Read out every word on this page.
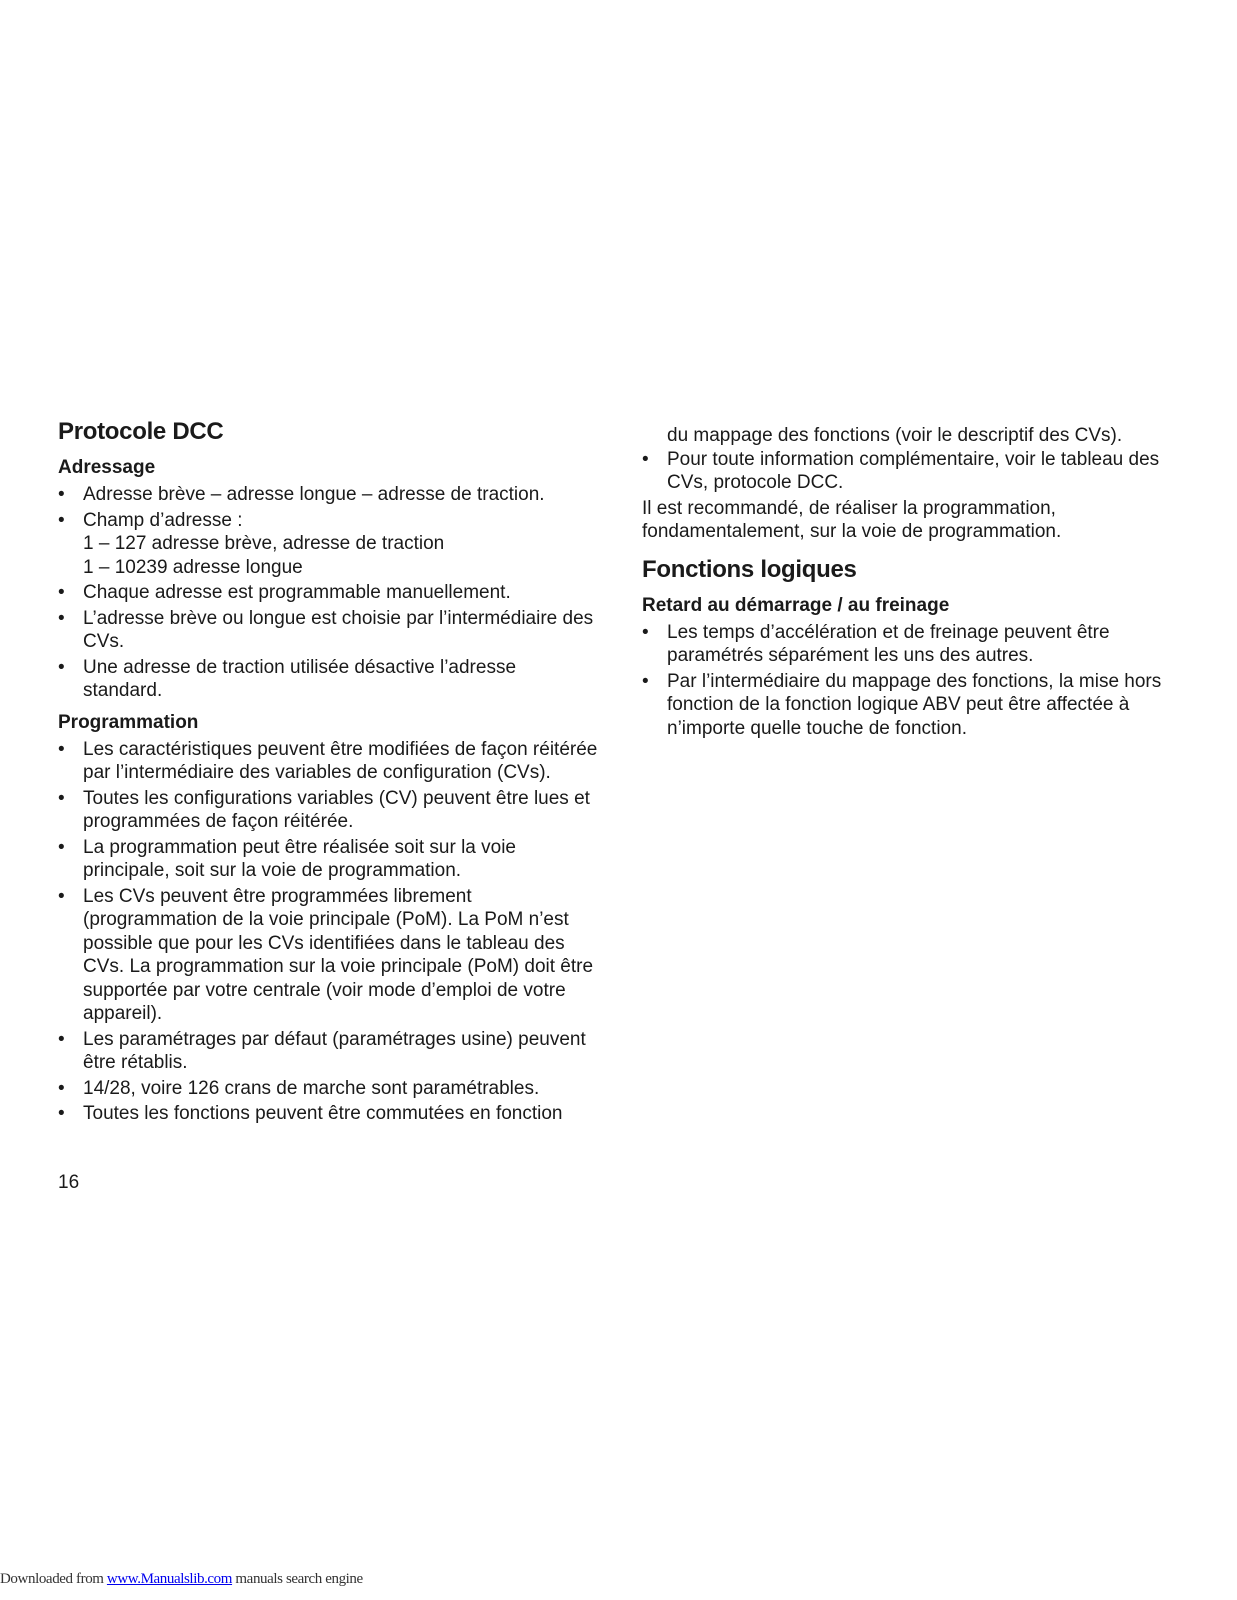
Protocole DCC
Adressage
• Adresse brève – adresse longue – adresse de traction.
• Champ d’adresse :
1 – 127 adresse brève, adresse de traction
1 – 10239 adresse longue
• Chaque adresse est programmable manuellement.
• L’adresse brève ou longue est choisie par l’intermédiaire des CVs.
• Une adresse de traction utilisée désactive l’adresse standard.
Programmation
• Les caractéristiques peuvent être modifiées de façon réitérée par l’intermédiaire des variables de configuration (CVs).
• Toutes les configurations variables (CV) peuvent être lues et programmées de façon réitérée.
• La programmation peut être réalisée soit sur la voie principale, soit sur la voie de programmation.
• Les CVs peuvent être programmées librement (programmation de la voie principale (PoM). La PoM n’est possible que pour les CVs identifiées dans le tableau des CVs. La programmation sur la voie principale (PoM) doit être supportée par votre centrale (voir mode d’emploi de votre appareil).
• Les paramétrages par défaut (paramétrages usine) peuvent être rétablis.
• 14/28, voire 126 crans de marche sont paramétrables.
• Toutes les fonctions peuvent être commutées en fonction

du mappage des fonctions (voir le descriptif des CVs).

• Pour toute information complémentaire, voir le tableau des CVs, protocole DCC.

Il est recommandé, de réaliser la programmation, fondamentalement, sur la voie de programmation.

Fonctions logiques
Retard au démarrage / au freinage
• Les temps d’accélération et de freinage peuvent être paramétrés séparément les uns des autres.
• Par l’intermédiaire du mappage des fonctions, la mise hors fonction de la fonction logique ABV peut être affectée à n’importe quelle touche de fonction.
16
Downloaded from www.Manualslib.com manuals search engine
